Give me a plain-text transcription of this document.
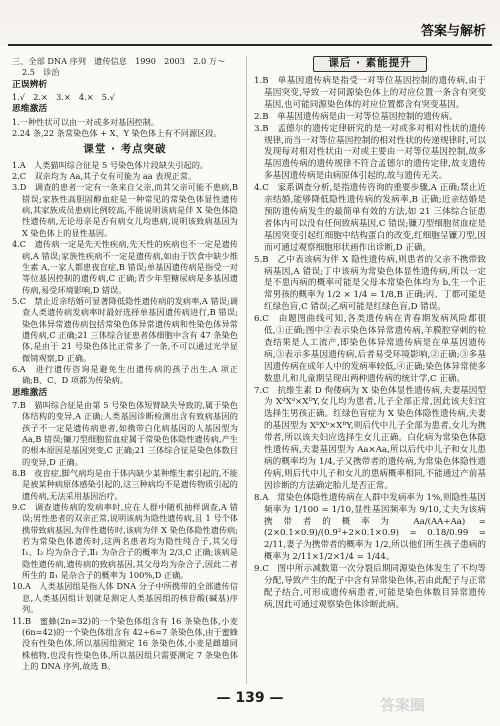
答案与解析

三、全部 DNA 序列　遗传信息　1990　2003　2.0 万～

2.5　诊治

正误辨析

1.√　2.×　3.×　4.×　5.√

思维激活

1.一种性状可以由一对或多对基因控制。

2.24 条,22 条常染色体 + X、Y 染色体上有不同源区段。

课堂 · 考点突破

1.A　人类猫叫综合征是 5 号染色体片段缺失引起的。

2.C　双亲均为 Aa,其子女有可能为 aa 表现正常。

3.D　调查的患者一定有一条来自父亲,而其父亲可能不患病,B 错误;家族性高胆固醇血症是一种常见的常染色体显性遗传病,其家族成员患病比例较高,不能说明该病是伴 X 染色体隐性遗传病,无论母亲是否有病女儿均患病,说明该致病基因为 X 染色体上的显性基因。

4.C　遗传病一定是先天性疾病,先天性的疾病也不一定是遗传病,A 错误;家族性疾病不一定是遗传病,如由于饮食中缺少维生素 A,一家人都患夜盲症,B 错误;单基因遗传病是指受一对等位基因控制的遗传病,C 正确;青少年型糖尿病是多基因遗传病,易受环境影响,D 错误。

5.C　禁止近亲结婚可显著降低隐性遗传病的发病率,A 错误;调查人类遗传病发病率时最好选择单基因遗传病进行,B 错误;染色体异常遗传病包括常染色体异常遗传病和性染色体异常遗传病,C 正确;21 三体综合征患者体细胞中含有 47 条染色体,是由于 21 号染色体比正常多了一条,不可以通过光学显微镜观察,D 正确。

6.A　进行遗传咨询是避免生出遗传病的孩子出生,A 项正确;B、C、D 项都为传染病。

思维激活

7.B　猫叫综合征是由第 5 号染色体短臂缺失导致的,属于染色体结构的变异,A 正确;人类基因诊断检测出含有致病基因的孩子不一定是遗传病患者,如携带白化病基因的人基因型为 Aa,B 错误;镰刀型细胞贫血症属于常染色体隐性遗传病,产生的根本原因是基因突变,C 正确;21 三体综合征是染色体数目的变异,D 正确。

8.B　夜盲症,脚气病均是由于体内缺少某种维生素引起的,不能是被某种病原体感染引起的,这三种病均不是遗传物质引起的遗传病,无法采用基因治疗。

9.C　调查遗传病的发病率时,应在人群中随机抽样调查,A 错误;男性患者的双亲正常,说明该病为隐性遗传病,且 1 号个体携带致病基因,为伴性遗传时,该病为伴 X 染色体隐性遗传病;若为常染色体遗传时,这两名患者均为隐性纯合子,其父母 Ⅰ₁、Ⅰ₂ 均为杂合子,Ⅱ₁ 为杂合子的概率为 2/3,C 正确;该病是隐性遗传病,遗传病的致病基因,其父母均为杂合子,因此二者所生的 Ⅱ₁ 是杂合子的概率为 100%,D 正确。

10.A　人类基因组是指人体 DNA 分子中所携带的全部遗传信息,人类基因组计划就是测定人类基因组的核苷酸(碱基)序列。

11.B　蜜蜂(2n=32)的一个染色体组含有 16 条染色体,小麦(6n=42)的一个染色体组含有 42÷6=7 条染色体,由于蜜蜂没有性染色体,所以基因组测定 16 条染色体,小麦是雌雄同株植物,也没有性染色体,所以基因组只需要测定 7 条染色体上的 DNA 序列,故选 B。

课后 · 素能提升

1.B　单基因遗传病是指受一对等位基因控制的遗传病,由于基因突变,导致一对同源染色体上的对应位置一条含有突变基因,也可能同源染色体的对应位置都含有突变基因。

2.B　单基因遗传病是由一对等位基因控制的遗传病。

3.B　孟德尔的遗传定律研究的是一对或多对相对性状的遗传规律,而当一对等位基因控制的相对性状的传递规律时,可以发现每对相对性状由一对或主要由一对等位基因控制,故多基因遗传病的遗传规律不符合孟德尔的遗传定律,故支遗传多基因遗传病是由病原体引起的,故与遗传无关。

4.C　家系调查分析,是指遗传咨询的重要步骤,A 正确;禁止近亲结婚,能够降低隐性遗传病的发病率,B 正确;近亲结婚是预防遗传病发生的最简单有效的方法,如 21 三体综合征患者体内可以没有任何致病基因,C 错误;镰刀型细胞贫血症是基因突变引起红细胞中结构蛋白的改变,红细胞呈镰刀型,因而可通过观察细胞形状画作出诊断,D 正确。

5.B　乙中表该病为伴 X 隐性遗传病,则患者的父亲不携带致病基因,A 错误;丁中该病为常染色体显性遗传病,所以一定是不患丙病的概率可能是父母本常染色体均为 b,生一个正常男孩的概率为 1/2 × 1/4 = 1/8,B 正确;丙、丁都可能是红绿色盲,C 错误;乙病可能是红绿色盲,D 错误。

6.C　由题图曲线可知,各类遗传病在青春期发病风险都很低,①正确;图中②表示染色体异常遗传病,羊膜腔穿刺的检查结果是人工流产,即染色体异常遗传病是在单基因遗传病,③表示多基因遗传病,后者易受环境影响,②正确;③多基因遗传病在成年人中的发病率较低,④正确;染色体异常使多数患儿和儿童期呈现出两种遗传病的统计学,C 正确。

7.C　抗维生素 D 佝偻病为 X 染色体显性遗传病,夫妻基因型为 XᵈXᵈ×XᴰY,女儿均为患者,儿子全部正常,因此该夫妇宜选择生男孩正确。红绿色盲症为 X 染色体隐性遗传病,夫妻的基因型为 XᵇXᵇ×XᴮY,则后代中儿子全部为患者,女儿为携带者,所以该夫妇应选择生女儿正确。白化病为常染色体隐性遗传病,夫妻基因型为 Aa×Aa,所以后代中儿子和女儿患病的概率均为 1/4,子又携带者的遗传病,为常染色体隐性遗传病,则后代中儿子和女儿的患病概率相同,不能通过产前基因诊断的方法确定胎儿是否正常。

8.A　常染色体隐性遗传病在人群中发病率为 1%,则隐性基因频率为 1/100 = 1/10,显性基因频率为 9/10,丈夫为该病携带者的概率为 Aa/(AA+Aa) = (2×0.1×0.9)/(0.9²+2×0.1×0.9) = 0.18/0.99 = 2/11,妻子为携带者的概率为 1/2,所以他们所生孩子患病的概率为 2/11×1/2×1/4 = 1/44。

9.C　图中所示减数第一次分裂后期同源染色体发生了不均等分配,导致产生的配子中含有异常染色体,若由此配子与正常配子结合,可形成遗传病患者,可能是染色体数目异常遗传病,因此可通过观察染色体诊断此病。

— 139 —	答案圈
